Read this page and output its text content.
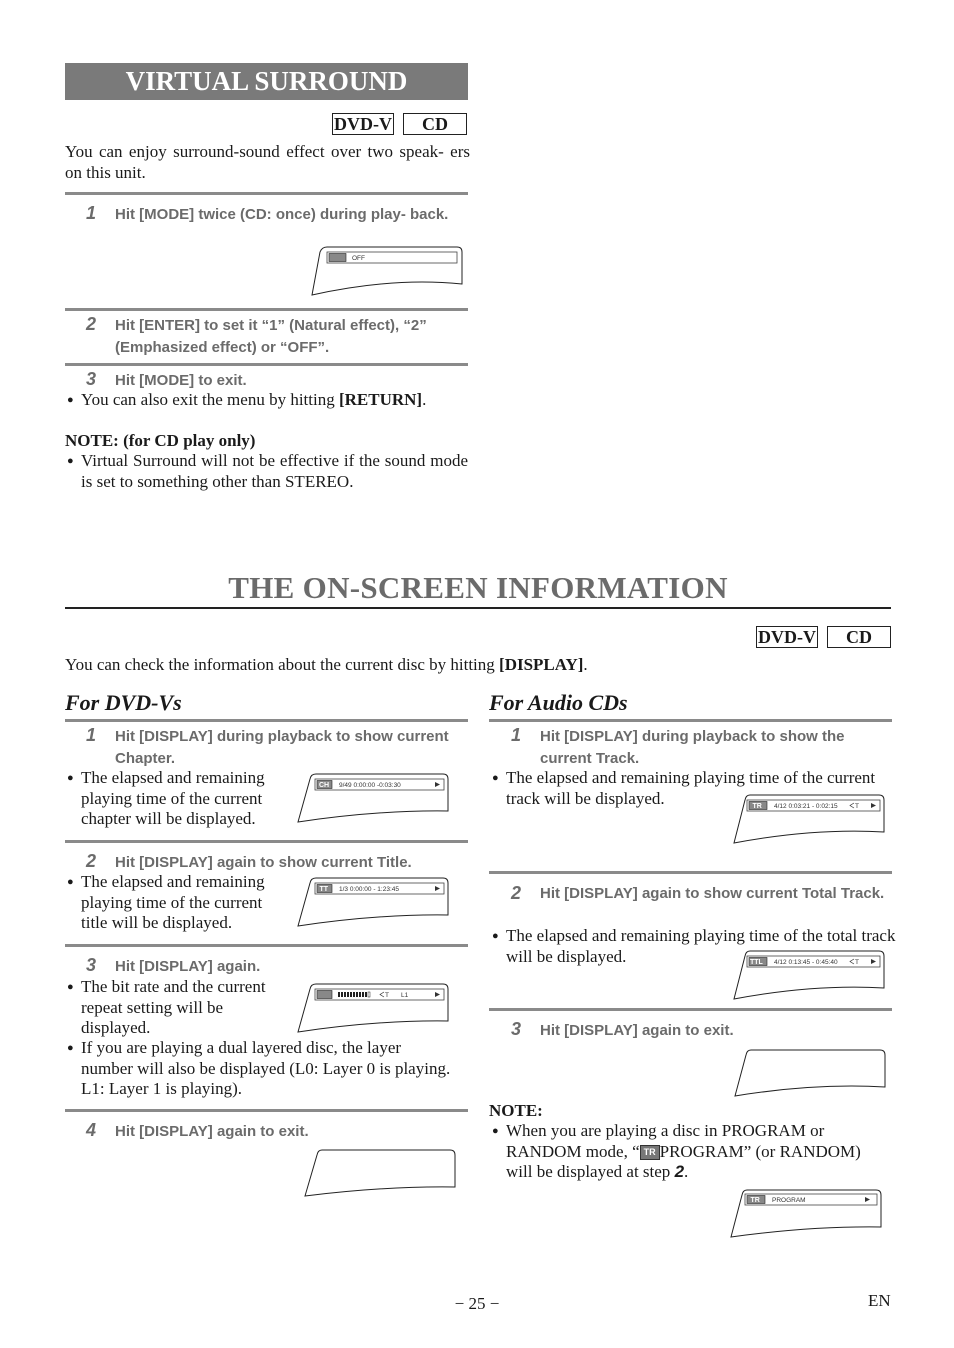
VIRTUAL SURROUND
DVD-V	CD
You can enjoy surround-sound effect over two speak- ers on this unit.
1 Hit [MODE] twice (CD: once) during play- back.
OFF
2 Hit [ENTER] to set it “1” (Natural effect), “2” (Emphasized effect) or “OFF”.
3 Hit [MODE] to exit.
● You can also exit the menu by hitting [RETURN].
NOTE: (for CD play only)
● Virtual Surround will not be effective if the sound mode is set to something other than STEREO.
THE ON-SCREEN INFORMATION
DVD-V	CD
You can check the information about the current disc by hitting [DISPLAY].
For DVD-Vs
1 Hit [DISPLAY] during playback to show current Chapter.
● The elapsed and remaining playing time of the current chapter will be displayed.
CH 9/49 0:00:00 -0:03:30
2 Hit [DISPLAY] again to show current Title.
● The elapsed and remaining playing time of the current title will be displayed.
TT 1/3 0:00:00 - 1:23:45
3 Hit [DISPLAY] again.
● The bit rate and the current repeat setting will be displayed.
T L1
● If you are playing a dual layered disc, the layer number will also be displayed (L0: Layer 0 is playing. L1: Layer 1 is playing).
4 Hit [DISPLAY] again to exit.
For Audio CDs
1 Hit [DISPLAY] during playback to show the current Track.
● The elapsed and remaining playing time of the current track will be displayed.	TR 4/12 0:03:21 - 0:02:15	T
2 Hit [DISPLAY] again to show current Total Track.
● The elapsed and remaining playing time of the total track will be displayed.	TTL 4/12 0:13:45 - 0:45:40	T
3 Hit [DISPLAY] again to exit.
NOTE:
● When you are playing a disc in PROGRAM or RANDOM mode, “ TR PROGRAM” (or RANDOM) will be displayed at step 2.
TR PROGRAM
− 25 −	EN
